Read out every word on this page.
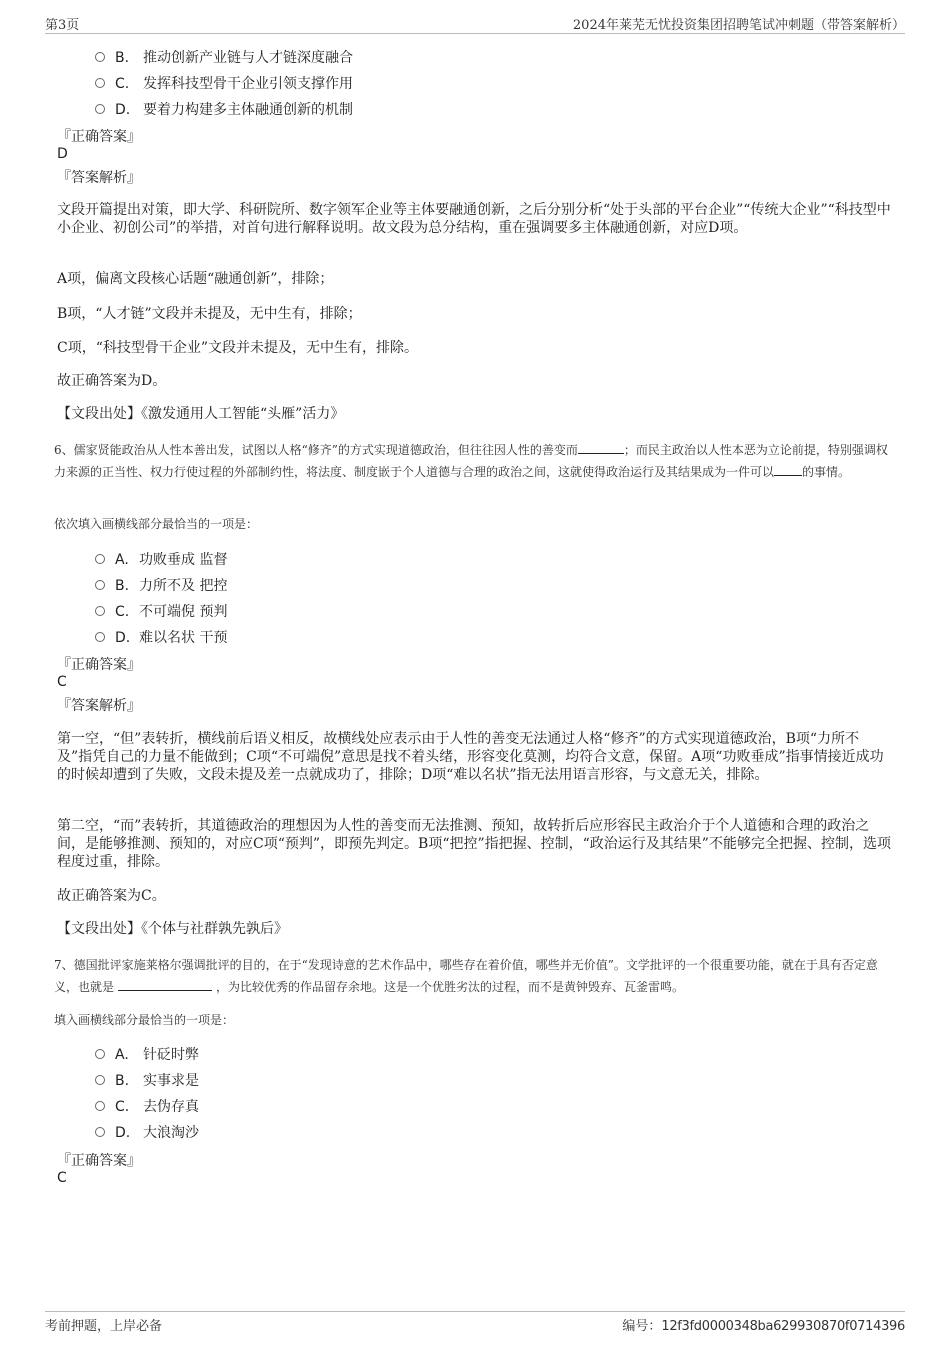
第3页	2024年莱芜无忧投资集团招聘笔试冲刺题（带答案解析）
B. 推动创新产业链与人才链深度融合
C. 发挥科技型骨干企业引领支撑作用
D. 要着力构建多主体融通创新的机制
『正确答案』
D
『答案解析』
文段开篇提出对策，即大学、科研院所、数字领军企业等主体要融通创新，之后分别分析“处于头部的平台企业”“传统大企业”“科技型中小企业、初创公司”的举措，对首句进行解释说明。故文段为总分结构，重在强调要多主体融通创新，对应D项。
A项，偏离文段核心话题“融通创新”，排除；
B项，“人才链”文段并未提及，无中生有，排除；
C项，“科技型骨干企业”文段并未提及，无中生有，排除。
故正确答案为D。
【文段出处】《激发通用人工智能“头雁”活力》
6、儒家贤能政治从人性本善出发，试图以人格“修齐”的方式实现道德政治，但往往因人性的善变而	；而民主政治以人性本恶为立论前提，特别强调权力来源的正当性、权力行使过程的外部制约性，将法度、制度嵌于个人道德与合理的政治之间，这就使得政治运行及其结果成为一件可以 的事情。
依次填入画横线部分最恰当的一项是：
A. 功败垂成 监督
B. 力所不及 把控
C. 不可端倪 预判
D. 难以名状 干预
『正确答案』
C
『答案解析』
第一空，“但”表转折，横线前后语义相反，故横线处应表示由于人性的善变无法通过人格“修齐”的方式实现道德政治，B项“力所不及”指凭自己的力量不能做到；C项“不可端倪”意思是找不着头绪，形容变化莫测，均符合文意，保留。A项“功败垂成”指事情接近成功的时候却遭到了失败，文段未提及差一点就成功了，排除；D项“难以名状”指无法用语言形容，与文意无关，排除。
第二空，“而”表转折，其道德政治的理想因为人性的善变而无法推测、预知，故转折后应形容民主政治介于个人道德和合理的政治之间，是能够推测、预知的，对应C项“预判”，即预先判定。B项“把控”指把握、控制，“政治运行及其结果”不能够完全把握、控制，选项程度过重，排除。
故正确答案为C。
【文段出处】《个体与社群孰先孰后》
7、德国批评家施莱格尔强调批评的目的，在于“发现诗意的艺术作品中，哪些存在着价值，哪些并无价值”。文学批评的一个很重要功能，就在于具有否定意义，也就是	，为比较优秀的作品留存余地。这是一个优胜劣汰的过程，而不是黄钟毁弃、瓦釜雷鸣。
填入画横线部分最恰当的一项是：
A. 针砭时弊
B. 实事求是
C. 去伪存真
D. 大浪淘沙
『正确答案』
C
考前押题，上岸必备	编号：12f3fd0000348ba629930870f0714396
